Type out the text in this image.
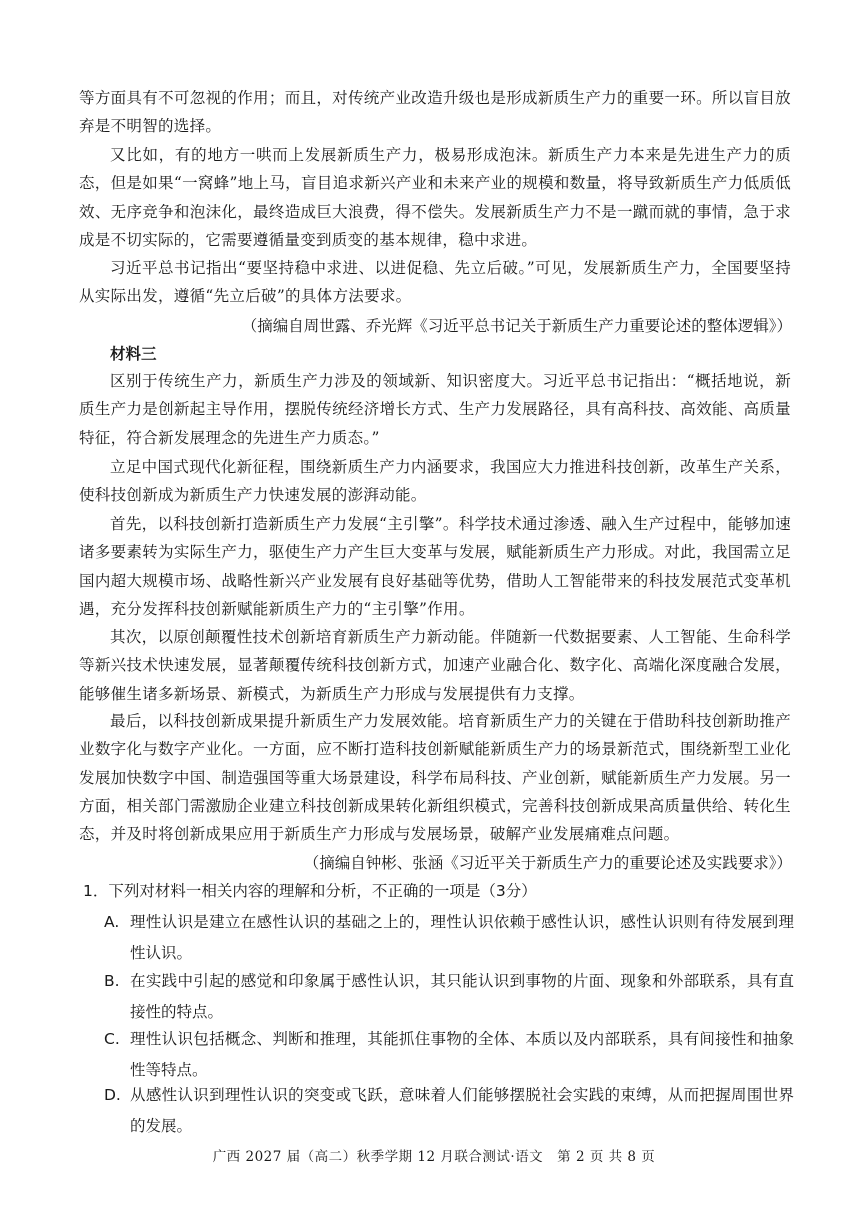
等方面具有不可忽视的作用；而且，对传统产业改造升级也是形成新质生产力的重要一环。所以盲目放弃是不明智的选择。

又比如，有的地方一哄而上发展新质生产力，极易形成泡沫。新质生产力本来是先进生产力的质态，但是如果“一窝蜂”地上马，盲目追求新兴产业和未来产业的规模和数量，将导致新质生产力低质低效、无序竞争和泡沫化，最终造成巨大浪费，得不偿失。发展新质生产力不是一蹴而就的事情，急于求成是不切实际的，它需要遵循量变到质变的基本规律，稳中求进。

习近平总书记指出“要坚持稳中求进、以进促稳、先立后破。”可见，发展新质生产力，全国要坚持从实际出发，遵循“先立后破”的具体方法要求。

（摘编自周世露、乔光辉《习近平总书记关于新质生产力重要论述的整体逻辑》）

材料三

区别于传统生产力，新质生产力涉及的领域新、知识密度大。习近平总书记指出：“概括地说，新质生产力是创新起主导作用，摆脱传统经济增长方式、生产力发展路径，具有高科技、高效能、高质量特征，符合新发展理念的先进生产力质态。”

立足中国式现代化新征程，围绕新质生产力内涵要求，我国应大力推进科技创新，改革生产关系，使科技创新成为新质生产力快速发展的澎湃动能。

首先，以科技创新打造新质生产力发展“主引擎”。科学技术通过渗透、融入生产过程中，能够加速诸多要素转为实际生产力，驱使生产力产生巨大变革与发展，赋能新质生产力形成。对此，我国需立足国内超大规模市场、战略性新兴产业发展有良好基础等优势，借助人工智能带来的科技发展范式变革机遇，充分发挥科技创新赋能新质生产力的“主引擎”作用。

其次，以原创颠覆性技术创新培育新质生产力新动能。伴随新一代数据要素、人工智能、生命科学等新兴技术快速发展，显著颠覆传统科技创新方式，加速产业融合化、数字化、高端化深度融合发展，能够催生诸多新场景、新模式，为新质生产力形成与发展提供有力支撑。

最后，以科技创新成果提升新质生产力发展效能。培育新质生产力的关键在于借助科技创新助推产业数字化与数字产业化。一方面，应不断打造科技创新赋能新质生产力的场景新范式，围绕新型工业化发展加快数字中国、制造强国等重大场景建设，科学布局科技、产业创新，赋能新质生产力发展。另一方面，相关部门需激励企业建立科技创新成果转化新组织模式，完善科技创新成果高质量供给、转化生态，并及时将创新成果应用于新质生产力形成与发展场景，破解产业发展痛难点问题。

（摘编自钟彬、张涵《习近平关于新质生产力的重要论述及实践要求》）

1．下列对材料一相关内容的理解和分析，不正确的一项是（3分）

A. 理性认识是建立在感性认识的基础之上的，理性认识依赖于感性认识，感性认识则有待发展到理性认识。
B. 在实践中引起的感觉和印象属于感性认识，其只能认识到事物的片面、现象和外部联系，具有直接性的特点。
C. 理性认识包括概念、判断和推理，其能抓住事物的全体、本质以及内部联系，具有间接性和抽象性等特点。
D. 从感性认识到理性认识的突变或飞跃，意味着人们能够摆脱社会实践的束缚，从而把握周围世界的发展。
广西 2027 届（高二）秋季学期 12 月联合测试·语文　第 2 页 共 8 页
